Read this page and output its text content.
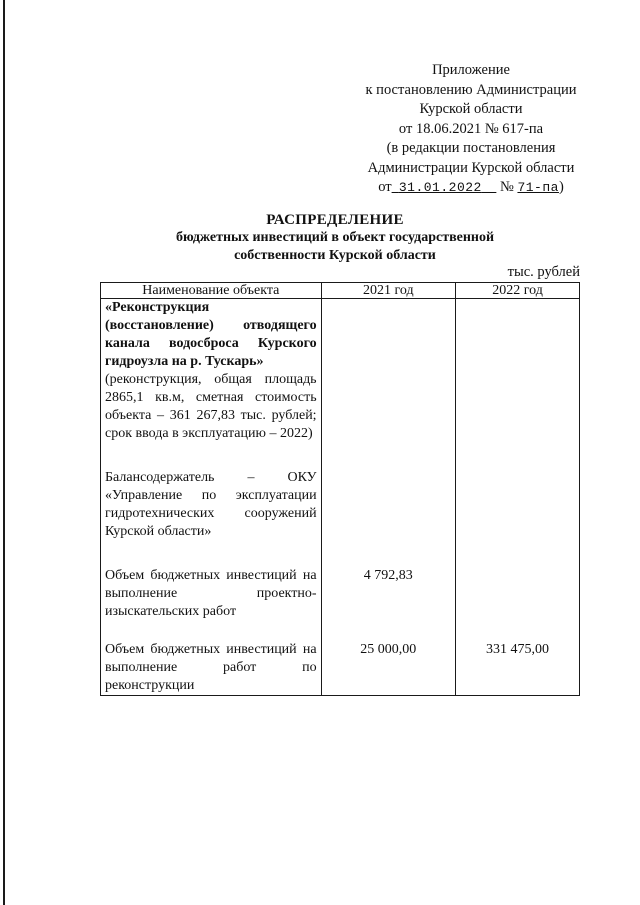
Приложение
к постановлению Администрации
Курской области
от 18.06.2021 № 617-па
(в редакции постановления
Администрации Курской области
от 31.01.2022 № 71-па)
РАСПРЕДЕЛЕНИЕ
бюджетных инвестиций в объект государственной
собственности Курской области
тыс. рублей
Наименование объекта	2021 год	2022 год

«Реконструкция (восстановление) отводящего канала водосброса Курского гидроузла на р. Тускарь»
(реконструкция, общая площадь 2865,1 кв.м, сметная стоимость объекта – 361 267,83 тыс. рублей; срок ввода в эксплуатацию – 2022)
Балансодержатель – ОКУ «Управление по эксплуатации гидротехнических сооружений Курской области»		

Объем бюджетных инвестиций на выполнение проектно-изыскательских работ	4 792,83	

Объем бюджетных инвестиций на выполнение работ по реконструкции	25 000,00	331 475,00
